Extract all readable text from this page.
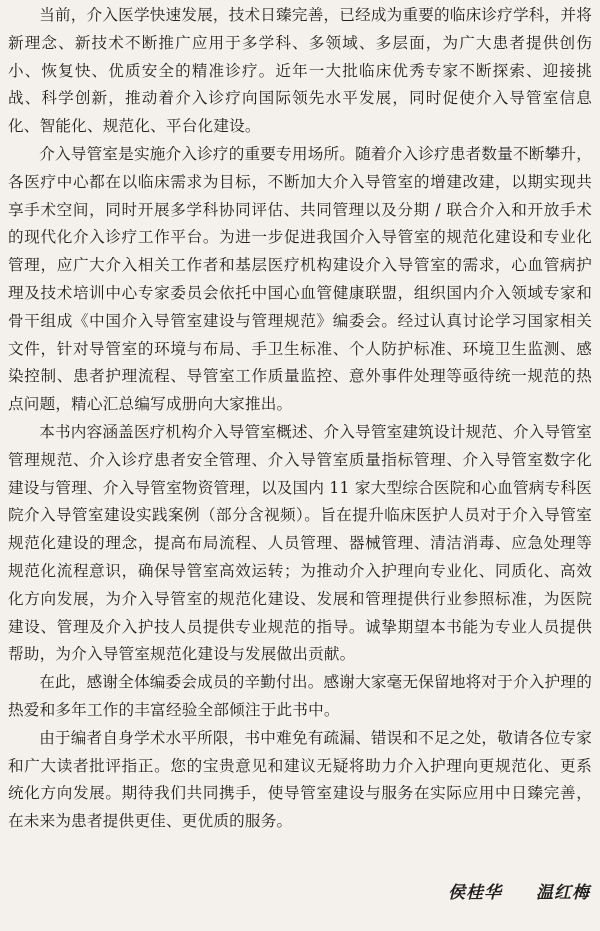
当前，介入医学快速发展，技术日臻完善，已经成为重要的临床诊疗学科，并将新理念、新技术不断推广应用于多学科、多领域、多层面，为广大患者提供创伤小、恢复快、优质安全的精准诊疗。近年一大批临床优秀专家不断探索、迎接挑战、科学创新，推动着介入诊疗向国际领先水平发展，同时促使介入导管室信息化、智能化、规范化、平台化建设。

介入导管室是实施介入诊疗的重要专用场所。随着介入诊疗患者数量不断攀升，各医疗中心都在以临床需求为目标，不断加大介入导管室的增建改建，以期实现共享手术空间，同时开展多学科协同评估、共同管理以及分期 / 联合介入和开放手术的现代化介入诊疗工作平台。为进一步促进我国介入导管室的规范化建设和专业化管理，应广大介入相关工作者和基层医疗机构建设介入导管室的需求，心血管病护理及技术培训中心专家委员会依托中国心血管健康联盟，组织国内介入领域专家和骨干组成《中国介入导管室建设与管理规范》编委会。经过认真讨论学习国家相关文件，针对导管室的环境与布局、手卫生标准、个人防护标准、环境卫生监测、感染控制、患者护理流程、导管室工作质量监控、意外事件处理等亟待统一规范的热点问题，精心汇总编写成册向大家推出。

本书内容涵盖医疗机构介入导管室概述、介入导管室建筑设计规范、介入导管室管理规范、介入诊疗患者安全管理、介入导管室质量指标管理、介入导管室数字化建设与管理、介入导管室物资管理，以及国内 11 家大型综合医院和心血管病专科医院介入导管室建设实践案例（部分含视频）。旨在提升临床医护人员对于介入导管室规范化建设的理念，提高布局流程、人员管理、器械管理、清洁消毒、应急处理等规范化流程意识，确保导管室高效运转；为推动介入护理向专业化、同质化、高效化方向发展，为介入导管室的规范化建设、发展和管理提供行业参照标准，为医院建设、管理及介入护技人员提供专业规范的指导。诚挚期望本书能为专业人员提供帮助，为介入导管室规范化建设与发展做出贡献。

在此，感谢全体编委会成员的辛勤付出。感谢大家毫无保留地将对于介入护理的热爱和多年工作的丰富经验全部倾注于此书中。

由于编者自身学术水平所限，书中难免有疏漏、错误和不足之处，敬请各位专家和广大读者批评指正。您的宝贵意见和建议无疑将助力介入护理向更规范化、更系统化方向发展。期待我们共同携手，使导管室建设与服务在实际应用中日臻完善，在未来为患者提供更佳、更优质的服务。

侯桂华 温红梅
